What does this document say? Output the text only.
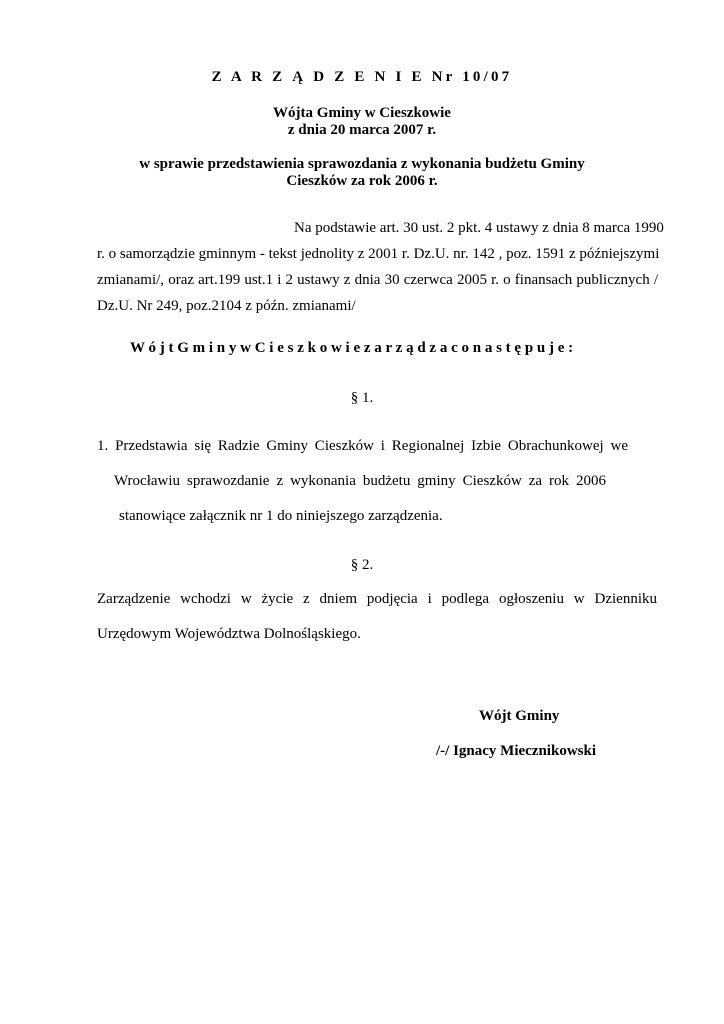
Z A R Z Ą D Z E N I E Nr 10/07
Wójta Gminy w Cieszkowie
z dnia 20 marca 2007 r.
w sprawie przedstawienia sprawozdania z wykonania budżetu Gminy
Cieszków za rok 2006 r.
Na podstawie art. 30 ust. 2 pkt. 4 ustawy z dnia 8 marca 1990
r. o samorządzie gminnym - tekst jednolity z 2001 r. Dz.U. nr. 142 , poz. 1591 z późniejszymi
zmianami/, oraz art.199 ust.1 i 2 ustawy z dnia 30 czerwca 2005 r. o finansach publicznych /
Dz.U. Nr 249, poz.2104 z późn. zmianami/
W ó j t G m i n y w C i e s z k o w i e z a r z ą d z a c o n a s t ę p u j e :
§ 1.
1. Przedstawia się Radzie Gminy Cieszków i Regionalnej Izbie Obrachunkowej we
Wrocławiu sprawozdanie z wykonania budżetu gminy Cieszków za rok 2006
stanowiące załącznik nr 1 do niniejszego zarządzenia.
§ 2.
Zarządzenie wchodzi w życie z dniem podjęcia i podlega ogłoszeniu w Dzienniku
Urzędowym Województwa Dolnośląskiego.
Wójt Gminy
/-/ Ignacy Miecznikowski
